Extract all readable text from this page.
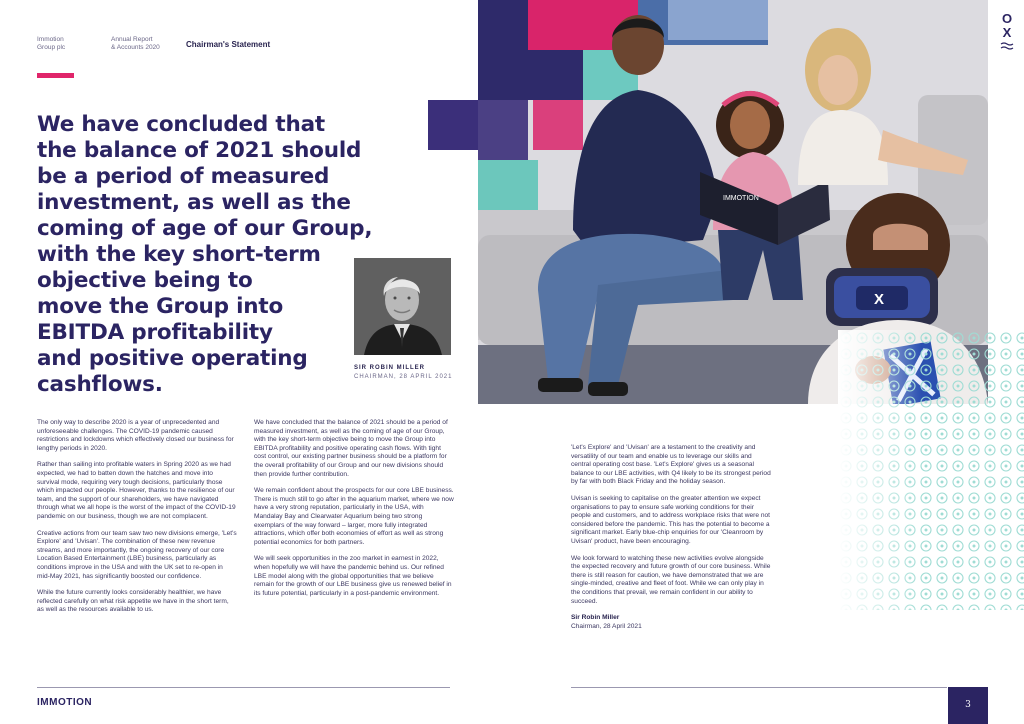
Immotion
Group plc
Annual Report
& Accounts 2020	Chairman's Statement
We have concluded that
the balance of 2021 should
be a period of measured
investment, as well as the
coming of age of our Group,
with the key short-term
objective being to
move the Group into
EBITDA profitability
and positive operating
cashflows.
SIR ROBIN MILLER
CHAIRMAN, 28 APRIL 2021
IMMOTION
X
O
X

The only way to describe 2020 is a year of unprecedented and unforeseeable challenges. The COVID-19 pandemic caused restrictions and lockdowns which effectively closed our business for lengthy periods in 2020.

Rather than sailing into profitable waters in Spring 2020 as we had expected, we had to batten down the hatches and move into survival mode, requiring very tough decisions, particularly those which impacted our people. However, thanks to the resilience of our team, and the support of our shareholders, we have navigated through what we all hope is the worst of the impact of the COVID-19 pandemic on our business, though we are not complacent.

Creative actions from our team saw two new divisions emerge, 'Let's Explore' and 'Uvisan'. The combination of these new revenue streams, and more importantly, the ongoing recovery of our core Location Based Entertainment (LBE) business, particularly as conditions improve in the USA and with the UK set to re-open in mid-May 2021, has significantly boosted our confidence.

While the future currently looks considerably healthier, we have reflected carefully on what risk appetite we have in the short term, as well as the resources available to us.

We have concluded that the balance of 2021 should be a period of measured investment, as well as the coming of age of our Group, with the key short-term objective being to move the Group into EBITDA profitability and positive operating cash flows. With tight cost control, our existing partner business should be a platform for the overall profitability of our Group and our new divisions should then provide further contribution.

We remain confident about the prospects for our core LBE business. There is much still to go after in the aquarium market, where we now have a very strong reputation, particularly in the USA, with Mandalay Bay and Clearwater Aquarium being two strong exemplars of the way forward – larger, more fully integrated attractions, which offer both economies of effort as well as strong potential economics for both partners.

We will seek opportunities in the zoo market in earnest in 2022, when hopefully we will have the pandemic behind us. Our refined LBE model along with the global opportunities that we believe remain for the growth of our LBE business give us renewed belief in its future potential, particularly in a post-pandemic environment.

'Let's Explore' and 'Uvisan' are a testament to the creativity and versatility of our team and enable us to leverage our skills and central operating cost base. 'Let's Explore' gives us a seasonal balance to our LBE activities, with Q4 likely to be its strongest period by far with both Black Friday and the holiday season.

Uvisan is seeking to capitalise on the greater attention we expect organisations to pay to ensure safe working conditions for their people and customers, and to address workplace risks that were not considered before the pandemic. This has the potential to become a significant market. Early blue-chip enquiries for our 'Cleanroom by Uvisan' product, have been encouraging.

We look forward to watching these new activities evolve alongside the expected recovery and future growth of our core business. While there is still reason for caution, we have demonstrated that we are single-minded, creative and fleet of foot. While we can only play in the conditions that prevail, we remain confident in our ability to succeed.

Sir Robin Miller
Chairman, 28 April 2021
IMMOTION	3
